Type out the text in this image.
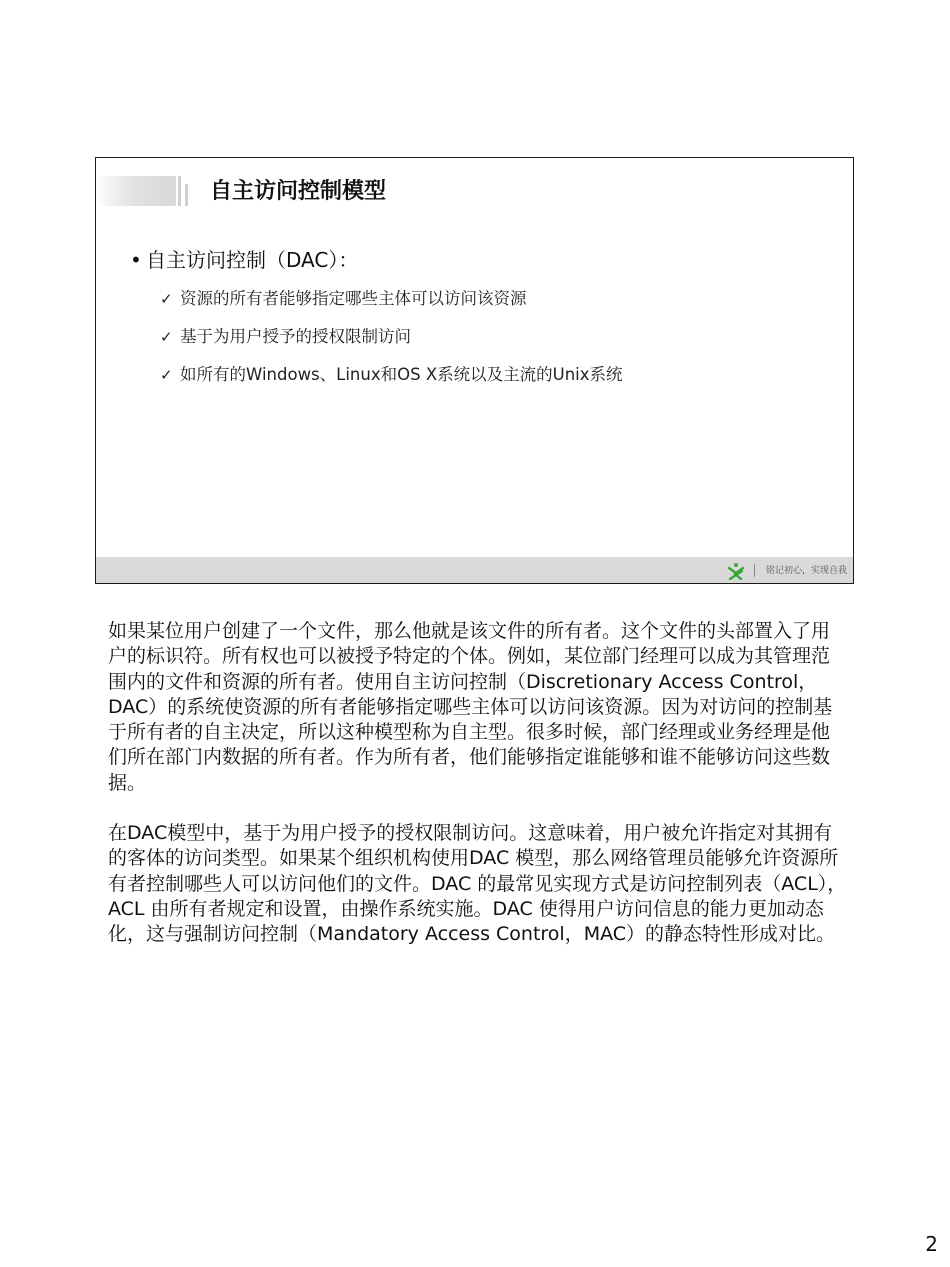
自主访问控制模型
• 自主访问控制（DAC）：
✓ 资源的所有者能够指定哪些主体可以访问该资源
✓ 基于为用户授予的授权限制访问
✓ 如所有的Windows、Linux和OS X系统以及主流的Unix系统
铭记初心，实现自我

如果某位用户创建了一个文件，那么他就是该文件的所有者。这个文件的头部置入了用户的标识符。所有权也可以被授予特定的个体。例如，某位部门经理可以成为其管理范围内的文件和资源的所有者。使用自主访问控制（Discretionary Access Control，DAC）的系统使资源的所有者能够指定哪些主体可以访问该资源。因为对访问的控制基于所有者的自主决定，所以这种模型称为自主型。很多时候，部门经理或业务经理是他们所在部门内数据的所有者。作为所有者，他们能够指定谁能够和谁不能够访问这些数据。

在DAC模型中，基于为用户授予的授权限制访问。这意味着，用户被允许指定对其拥有的客体的访问类型。如果某个组织机构使用DAC 模型，那么网络管理员能够允许资源所有者控制哪些人可以访问他们的文件。DAC 的最常见实现方式是访问控制列表（ACL），ACL 由所有者规定和设置，由操作系统实施。DAC 使得用户访问信息的能力更加动态化，这与强制访问控制（Mandatory Access Control，MAC）的静态特性形成对比。

2
